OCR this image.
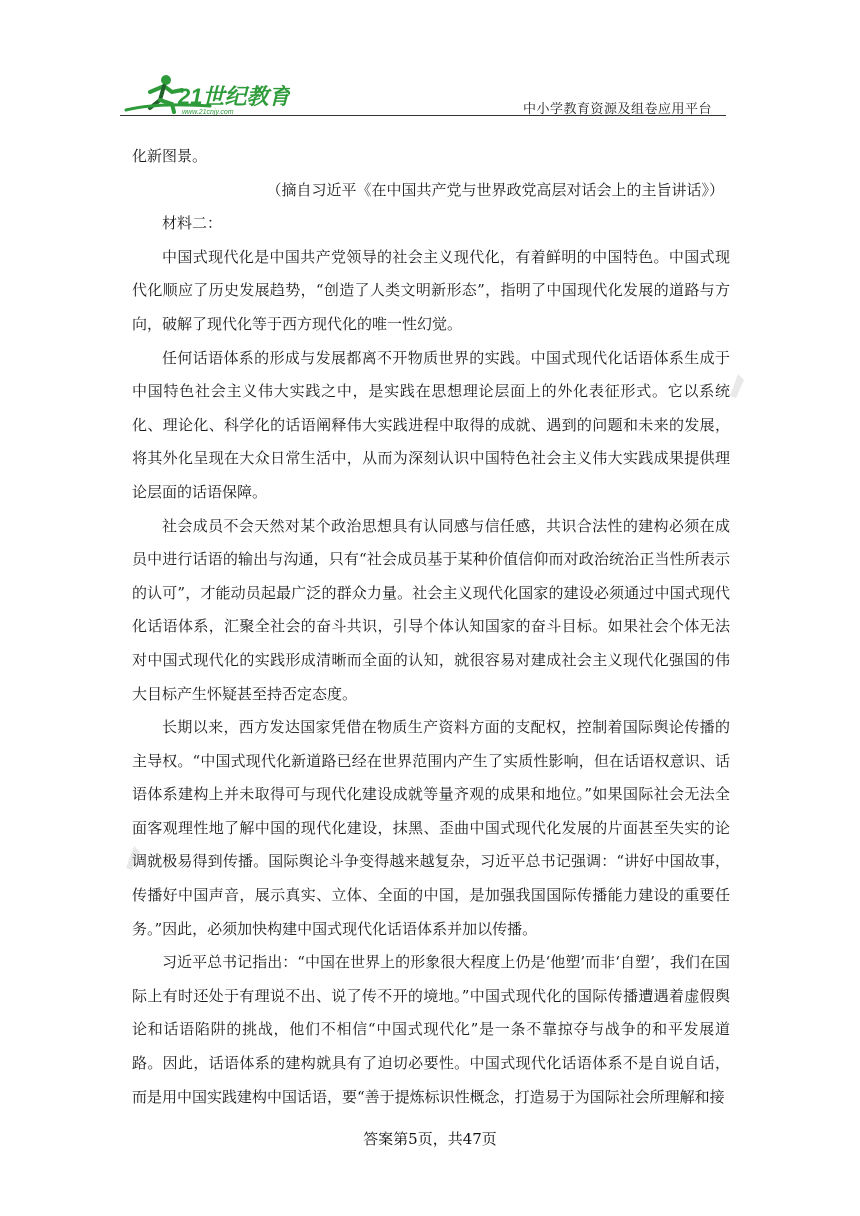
21世纪教育
www.21cnjy.com	中小学教育资源及组卷应用平台

化新图景。

（摘自习近平《在中国共产党与世界政党高层对话会上的主旨讲话》）

材料二：

中国式现代化是中国共产党领导的社会主义现代化，有着鲜明的中国特色。中国式现代化顺应了历史发展趋势，“创造了人类文明新形态”，指明了中国现代化发展的道路与方向，破解了现代化等于西方现代化的唯一性幻觉。

任何话语体系的形成与发展都离不开物质世界的实践。中国式现代化话语体系生成于中国特色社会主义伟大实践之中，是实践在思想理论层面上的外化表征形式。它以系统化、理论化、科学化的话语阐释伟大实践进程中取得的成就、遇到的问题和未来的发展，将其外化呈现在大众日常生活中，从而为深刻认识中国特色社会主义伟大实践成果提供理论层面的话语保障。

社会成员不会天然对某个政治思想具有认同感与信任感，共识合法性的建构必须在成员中进行话语的输出与沟通，只有“社会成员基于某种价值信仰而对政治统治正当性所表示的认可”，才能动员起最广泛的群众力量。社会主义现代化国家的建设必须通过中国式现代化话语体系，汇聚全社会的奋斗共识，引导个体认知国家的奋斗目标。如果社会个体无法对中国式现代化的实践形成清晰而全面的认知，就很容易对建成社会主义现代化强国的伟大目标产生怀疑甚至持否定态度。

长期以来，西方发达国家凭借在物质生产资料方面的支配权，控制着国际舆论传播的主导权。“中国式现代化新道路已经在世界范围内产生了实质性影响，但在话语权意识、话语体系建构上并未取得可与现代化建设成就等量齐观的成果和地位。”如果国际社会无法全面客观理性地了解中国的现代化建设，抹黑、歪曲中国式现代化发展的片面甚至失实的论调就极易得到传播。国际舆论斗争变得越来越复杂，习近平总书记强调：“讲好中国故事，传播好中国声音，展示真实、立体、全面的中国，是加强我国国际传播能力建设的重要任务。”因此，必须加快构建中国式现代化话语体系并加以传播。

习近平总书记指出：“中国在世界上的形象很大程度上仍是‘他塑’而非‘自塑’，我们在国际上有时还处于有理说不出、说了传不开的境地。”中国式现代化的国际传播遭遇着虚假舆论和话语陷阱的挑战，他们不相信“中国式现代化”是一条不靠掠夺与战争的和平发展道路。因此，话语体系的建构就具有了迫切必要性。中国式现代化话语体系不是自说自话，而是用中国实践建构中国话语，要“善于提炼标识性概念，打造易于为国际社会所理解和接

答案第5页，共47页
